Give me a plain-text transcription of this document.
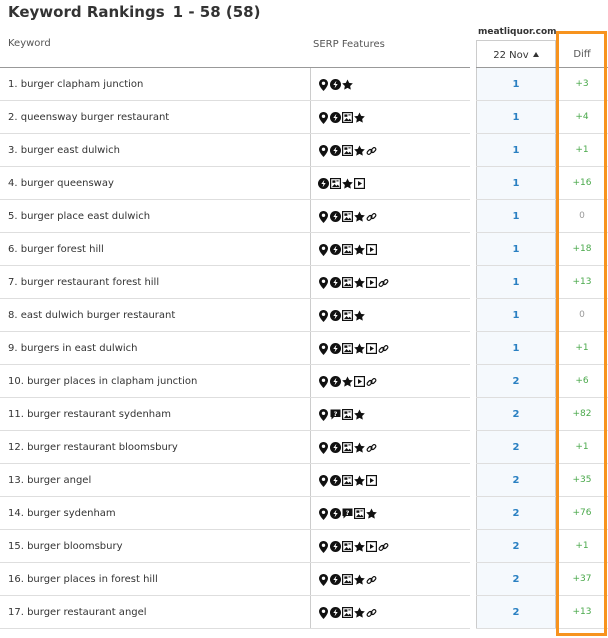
Keyword Rankings 1 - 58 (58)
Keyword	SERP Features
meatliquor.com
22 Nov	Diff
1. burger clapham junction	1	+3
2. queensway burger restaurant	1	+4
3. burger east dulwich	1	+1
4. burger queensway	1	+16
5. burger place east dulwich	1	0
6. burger forest hill	1	+18
7. burger restaurant forest hill	1	+13
8. east dulwich burger restaurant	1	0
9. burgers in east dulwich	1	+1
10. burger places in clapham junction	2	+6
11. burger restaurant sydenham	?	2	+82
12. burger restaurant bloomsbury	2	+1
13. burger angel	2	+35
14. burger sydenham	?	2	+76
15. burger bloomsbury	2	+1
16. burger places in forest hill	2	+37
17. burger restaurant angel	2	+13
